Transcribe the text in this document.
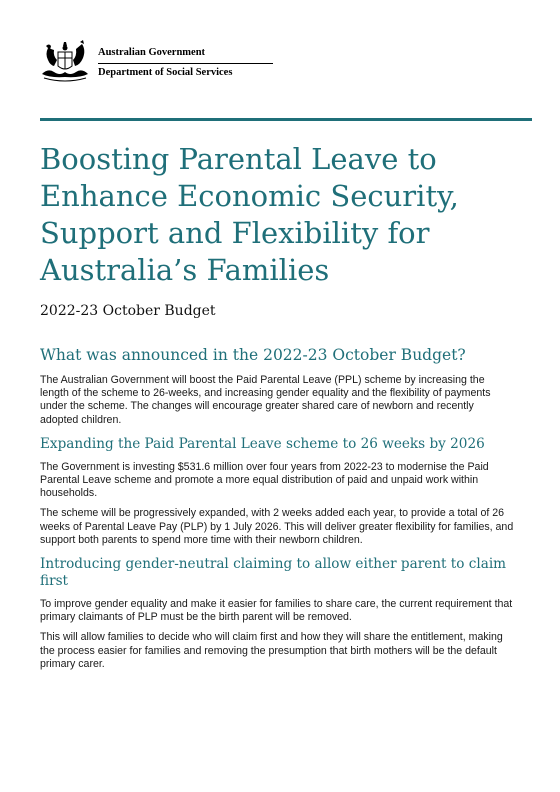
Australian Government
Department of Social Services
Boosting Parental Leave to Enhance Economic Security, Support and Flexibility for Australia’s Families
2022-23 October Budget
What was announced in the 2022-23 October Budget?

The Australian Government will boost the Paid Parental Leave (PPL) scheme by increasing the length of the scheme to 26-weeks, and increasing gender equality and the flexibility of payments under the scheme. The changes will encourage greater shared care of newborn and recently adopted children.

Expanding the Paid Parental Leave scheme to 26 weeks by 2026

The Government is investing $531.6 million over four years from 2022-23 to modernise the Paid Parental Leave scheme and promote a more equal distribution of paid and unpaid work within households.

The scheme will be progressively expanded, with 2 weeks added each year, to provide a total of 26 weeks of Parental Leave Pay (PLP) by 1 July 2026. This will deliver greater flexibility for families, and support both parents to spend more time with their newborn children.

Introducing gender-neutral claiming to allow either parent to claim first

To improve gender equality and make it easier for families to share care, the current requirement that primary claimants of PLP must be the birth parent will be removed.

This will allow families to decide who will claim first and how they will share the entitlement, making the process easier for families and removing the presumption that birth mothers will be the default primary carer.
